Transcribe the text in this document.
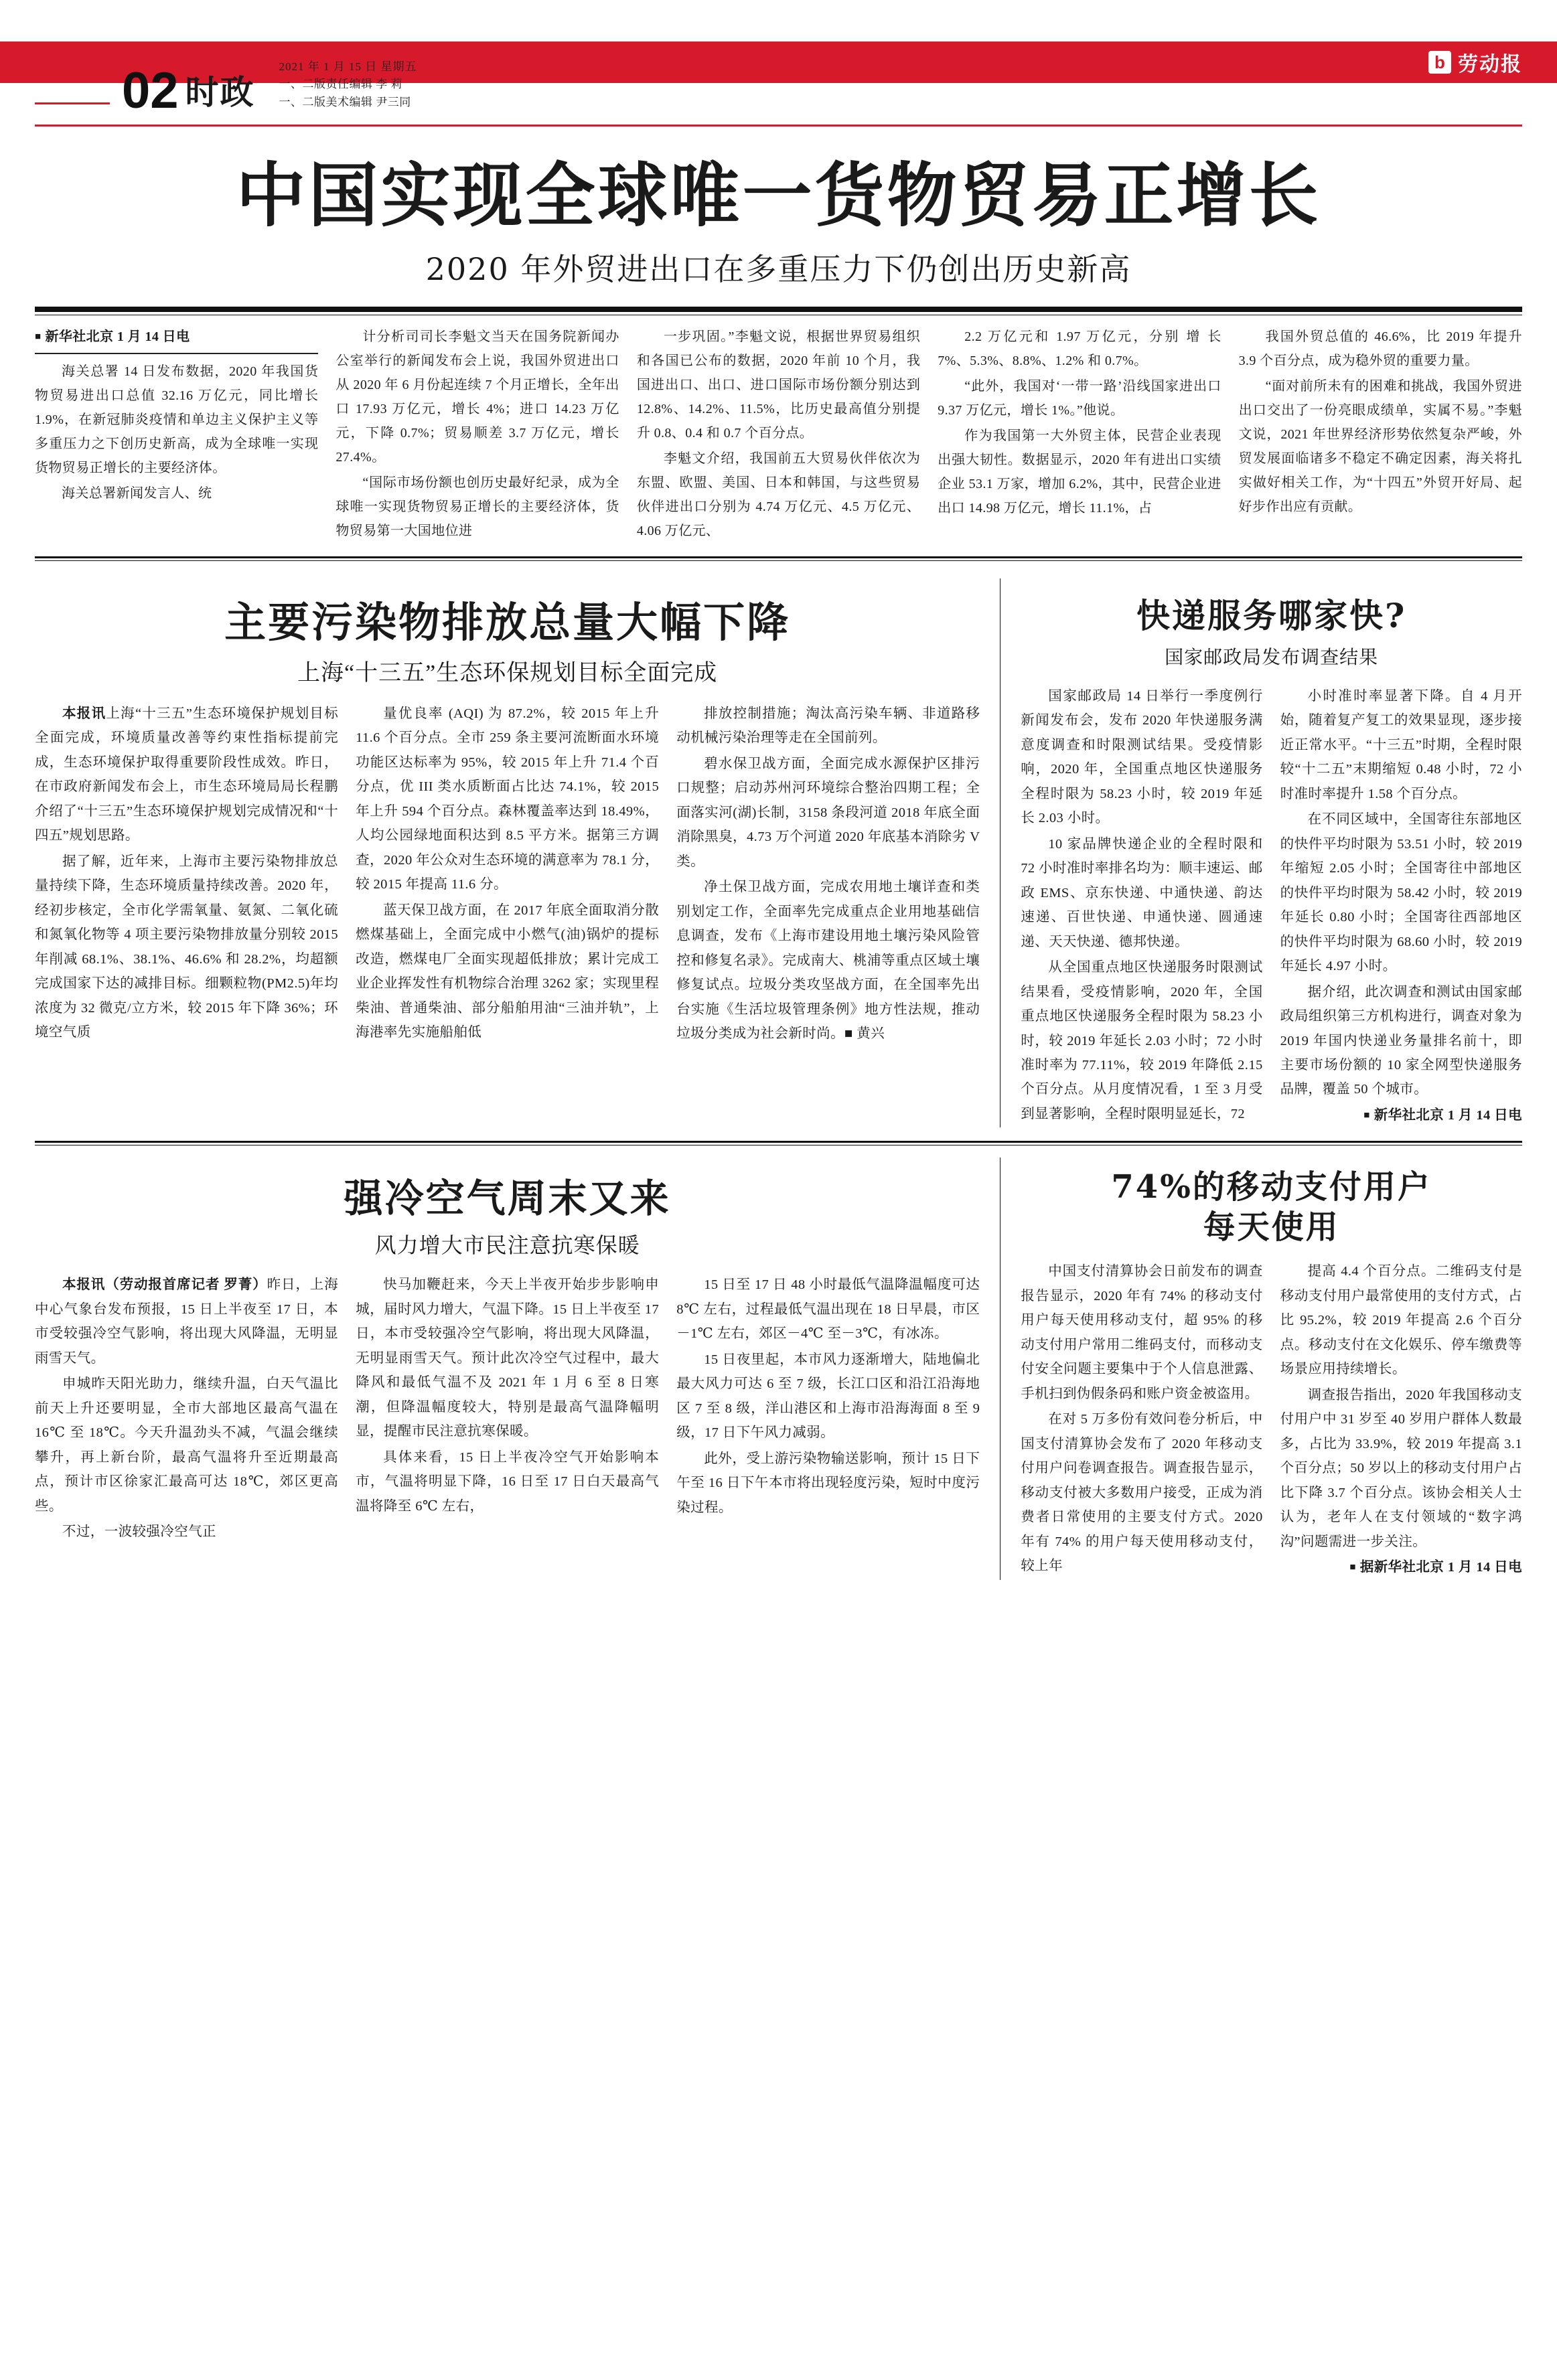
b 劳动报
02 时政
2021 年 1 月 15 日 星期五
一、二版责任编辑 李 莉
一、二版美术编辑 尹三同
中国实现全球唯一货物贸易正增长
2020 年外贸进出口在多重压力下仍创出历史新高

■ 新华社北京 1 月 14 日电

海关总署 14 日发布数据，2020 年我国货物贸易进出口总值 32.16 万亿元，同比增长 1.9%，在新冠肺炎疫情和单边主义保护主义等多重压力之下创历史新高，成为全球唯一实现货物贸易正增长的主要经济体。

海关总署新闻发言人、统

计分析司司长李魁文当天在国务院新闻办公室举行的新闻发布会上说，我国外贸进出口从 2020 年 6 月份起连续 7 个月正增长，全年出口 17.93 万亿元，增长 4%；进口 14.23 万亿元，下降 0.7%；贸易顺差 3.7 万亿元，增长 27.4%。

“国际市场份额也创历史最好纪录，成为全球唯一实现货物贸易正增长的主要经济体，货物贸易第一大国地位进

一步巩固。”李魁文说，根据世界贸易组织和各国已公布的数据，2020 年前 10 个月，我国进出口、出口、进口国际市场份额分别达到 12.8%、14.2%、11.5%，比历史最高值分别提升 0.8、0.4 和 0.7 个百分点。

李魁文介绍，我国前五大贸易伙伴依次为东盟、欧盟、美国、日本和韩国，与这些贸易伙伴进出口分别为 4.74 万亿元、4.5 万亿元、4.06 万亿元、

2.2 万亿元和 1.97 万亿元，分别 增 长 7%、5.3%、8.8%、1.2% 和 0.7%。

“此外，我国对‘一带一路’沿线国家进出口 9.37 万亿元，增长 1%。”他说。

作为我国第一大外贸主体，民营企业表现出强大韧性。数据显示，2020 年有进出口实绩企业 53.1 万家，增加 6.2%，其中，民营企业进出口 14.98 万亿元，增长 11.1%，占

我国外贸总值的 46.6%，比 2019 年提升 3.9 个百分点，成为稳外贸的重要力量。

“面对前所未有的困难和挑战，我国外贸进出口交出了一份亮眼成绩单，实属不易。”李魁文说，2021 年世界经济形势依然复杂严峻，外贸发展面临诸多不稳定不确定因素，海关将扎实做好相关工作，为“十四五”外贸开好局、起好步作出应有贡献。

主要污染物排放总量大幅下降
上海“十三五”生态环保规划目标全面完成

本报讯上海“十三五”生态环境保护规划目标全面完成，环境质量改善等约束性指标提前完成，生态环境保护取得重要阶段性成效。昨日，在市政府新闻发布会上，市生态环境局局长程鹏介绍了“十三五”生态环境保护规划完成情况和“十四五”规划思路。

据了解，近年来，上海市主要污染物排放总量持续下降，生态环境质量持续改善。2020 年，经初步核定，全市化学需氧量、氨氮、二氧化硫和氮氧化物等 4 项主要污染物排放量分别较 2015 年削减 68.1%、38.1%、46.6% 和 28.2%，均超额完成国家下达的减排目标。细颗粒物(PM2.5)年均浓度为 32 微克/立方米，较 2015 年下降 36%；环境空气质

量优良率 (AQI) 为 87.2%，较 2015 年上升 11.6 个百分点。全市 259 条主要河流断面水环境功能区达标率为 95%，较 2015 年上升 71.4 个百分点，优 III 类水质断面占比达 74.1%，较 2015 年上升 594 个百分点。森林覆盖率达到 18.49%，人均公园绿地面积达到 8.5 平方米。据第三方调查，2020 年公众对生态环境的满意率为 78.1 分，较 2015 年提高 11.6 分。

蓝天保卫战方面，在 2017 年底全面取消分散燃煤基础上，全面完成中小燃气(油)锅炉的提标改造，燃煤电厂全面实现超低排放；累计完成工业企业挥发性有机物综合治理 3262 家；实现里程柴油、普通柴油、部分船舶用油“三油并轨”，上海港率先实施船舶低

排放控制措施；淘汰高污染车辆、非道路移动机械污染治理等走在全国前列。

碧水保卫战方面，全面完成水源保护区排污口规整；启动苏州河环境综合整治四期工程；全面落实河(湖)长制，3158 条段河道 2018 年底全面消除黑臭，4.73 万个河道 2020 年底基本消除劣 V 类。

净土保卫战方面，完成农用地土壤详查和类别划定工作，全面率先完成重点企业用地基础信息调查，发布《上海市建设用地土壤污染风险管控和修复名录》。完成南大、桃浦等重点区域土壤修复试点。垃圾分类攻坚战方面，在全国率先出台实施《生活垃圾管理条例》地方性法规，推动垃圾分类成为社会新时尚。■ 黄兴

快递服务哪家快?
国家邮政局发布调查结果

国家邮政局 14 日举行一季度例行新闻发布会，发布 2020 年快递服务满意度调查和时限测试结果。受疫情影响，2020 年，全国重点地区快递服务全程时限为 58.23 小时，较 2019 年延长 2.03 小时。

10 家品牌快递企业的全程时限和 72 小时准时率排名均为：顺丰速运、邮政 EMS、京东快递、中通快递、韵达速递、百世快递、申通快递、圆通速递、天天快递、德邦快递。

从全国重点地区快递服务时限测试结果看，受疫情影响，2020 年，全国重点地区快递服务全程时限为 58.23 小时，较 2019 年延长 2.03 小时；72 小时准时率为 77.11%，较 2019 年降低 2.15 个百分点。从月度情况看，1 至 3 月受到显著影响，全程时限明显延长，72

小时准时率显著下降。自 4 月开始，随着复产复工的效果显现，逐步接近正常水平。“十三五”时期，全程时限较“十二五”末期缩短 0.48 小时，72 小时准时率提升 1.58 个百分点。

在不同区域中，全国寄往东部地区的快件平均时限为 53.51 小时，较 2019 年缩短 2.05 小时；全国寄往中部地区的快件平均时限为 58.42 小时，较 2019 年延长 0.80 小时；全国寄往西部地区的快件平均时限为 68.60 小时，较 2019 年延长 4.97 小时。

据介绍，此次调查和测试由国家邮政局组织第三方机构进行，调查对象为 2019 年国内快递业务量排名前十，即主要市场份额的 10 家全网型快递服务品牌，覆盖 50 个城市。

■ 新华社北京 1 月 14 日电

强冷空气周末又来
风力增大市民注意抗寒保暖

本报讯（劳动报首席记者 罗菁）昨日，上海中心气象台发布预报，15 日上半夜至 17 日，本市受较强冷空气影响，将出现大风降温，无明显雨雪天气。

申城昨天阳光助力，继续升温，白天气温比前天上升还要明显，全市大部地区最高气温在 16℃ 至 18℃。今天升温劲头不减，气温会继续攀升，再上新台阶，最高气温将升至近期最高点，预计市区徐家汇最高可达 18℃，郊区更高些。

不过，一波较强冷空气正

快马加鞭赶来，今天上半夜开始步步影响申城，届时风力增大，气温下降。15 日上半夜至 17 日，本市受较强冷空气影响，将出现大风降温，无明显雨雪天气。预计此次冷空气过程中，最大降风和最低气温不及 2021 年 1 月 6 至 8 日寒潮，但降温幅度较大，特别是最高气温降幅明显，提醒市民注意抗寒保暖。

具体来看，15 日上半夜冷空气开始影响本市，气温将明显下降，16 日至 17 日白天最高气温将降至 6℃ 左右，

15 日至 17 日 48 小时最低气温降温幅度可达 8℃ 左右，过程最低气温出现在 18 日早晨，市区－1℃ 左右，郊区－4℃ 至－3℃，有冰冻。

15 日夜里起，本市风力逐渐增大，陆地偏北最大风力可达 6 至 7 级，长江口区和沿江沿海地区 7 至 8 级，洋山港区和上海市沿海海面 8 至 9 级，17 日下午风力减弱。

此外，受上游污染物输送影响，预计 15 日下午至 16 日下午本市将出现轻度污染，短时中度污染过程。

74%的移动支付用户
每天使用

中国支付清算协会日前发布的调查报告显示，2020 年有 74% 的移动支付用户每天使用移动支付，超 95% 的移动支付用户常用二维码支付，而移动支付安全问题主要集中于个人信息泄露、手机扫到伪假条码和账户资金被盗用。

在对 5 万多份有效问卷分析后，中国支付清算协会发布了 2020 年移动支付用户问卷调查报告。调查报告显示，移动支付被大多数用户接受，正成为消费者日常使用的主要支付方式。2020 年有 74% 的用户每天使用移动支付，较上年

提高 4.4 个百分点。二维码支付是移动支付用户最常使用的支付方式，占比 95.2%，较 2019 年提高 2.6 个百分点。移动支付在文化娱乐、停车缴费等场景应用持续增长。

调查报告指出，2020 年我国移动支付用户中 31 岁至 40 岁用户群体人数最多，占比为 33.9%，较 2019 年提高 3.1 个百分点；50 岁以上的移动支付用户占比下降 3.7 个百分点。该协会相关人士认为，老年人在支付领域的“数字鸿沟”问题需进一步关注。

■ 据新华社北京 1 月 14 日电
